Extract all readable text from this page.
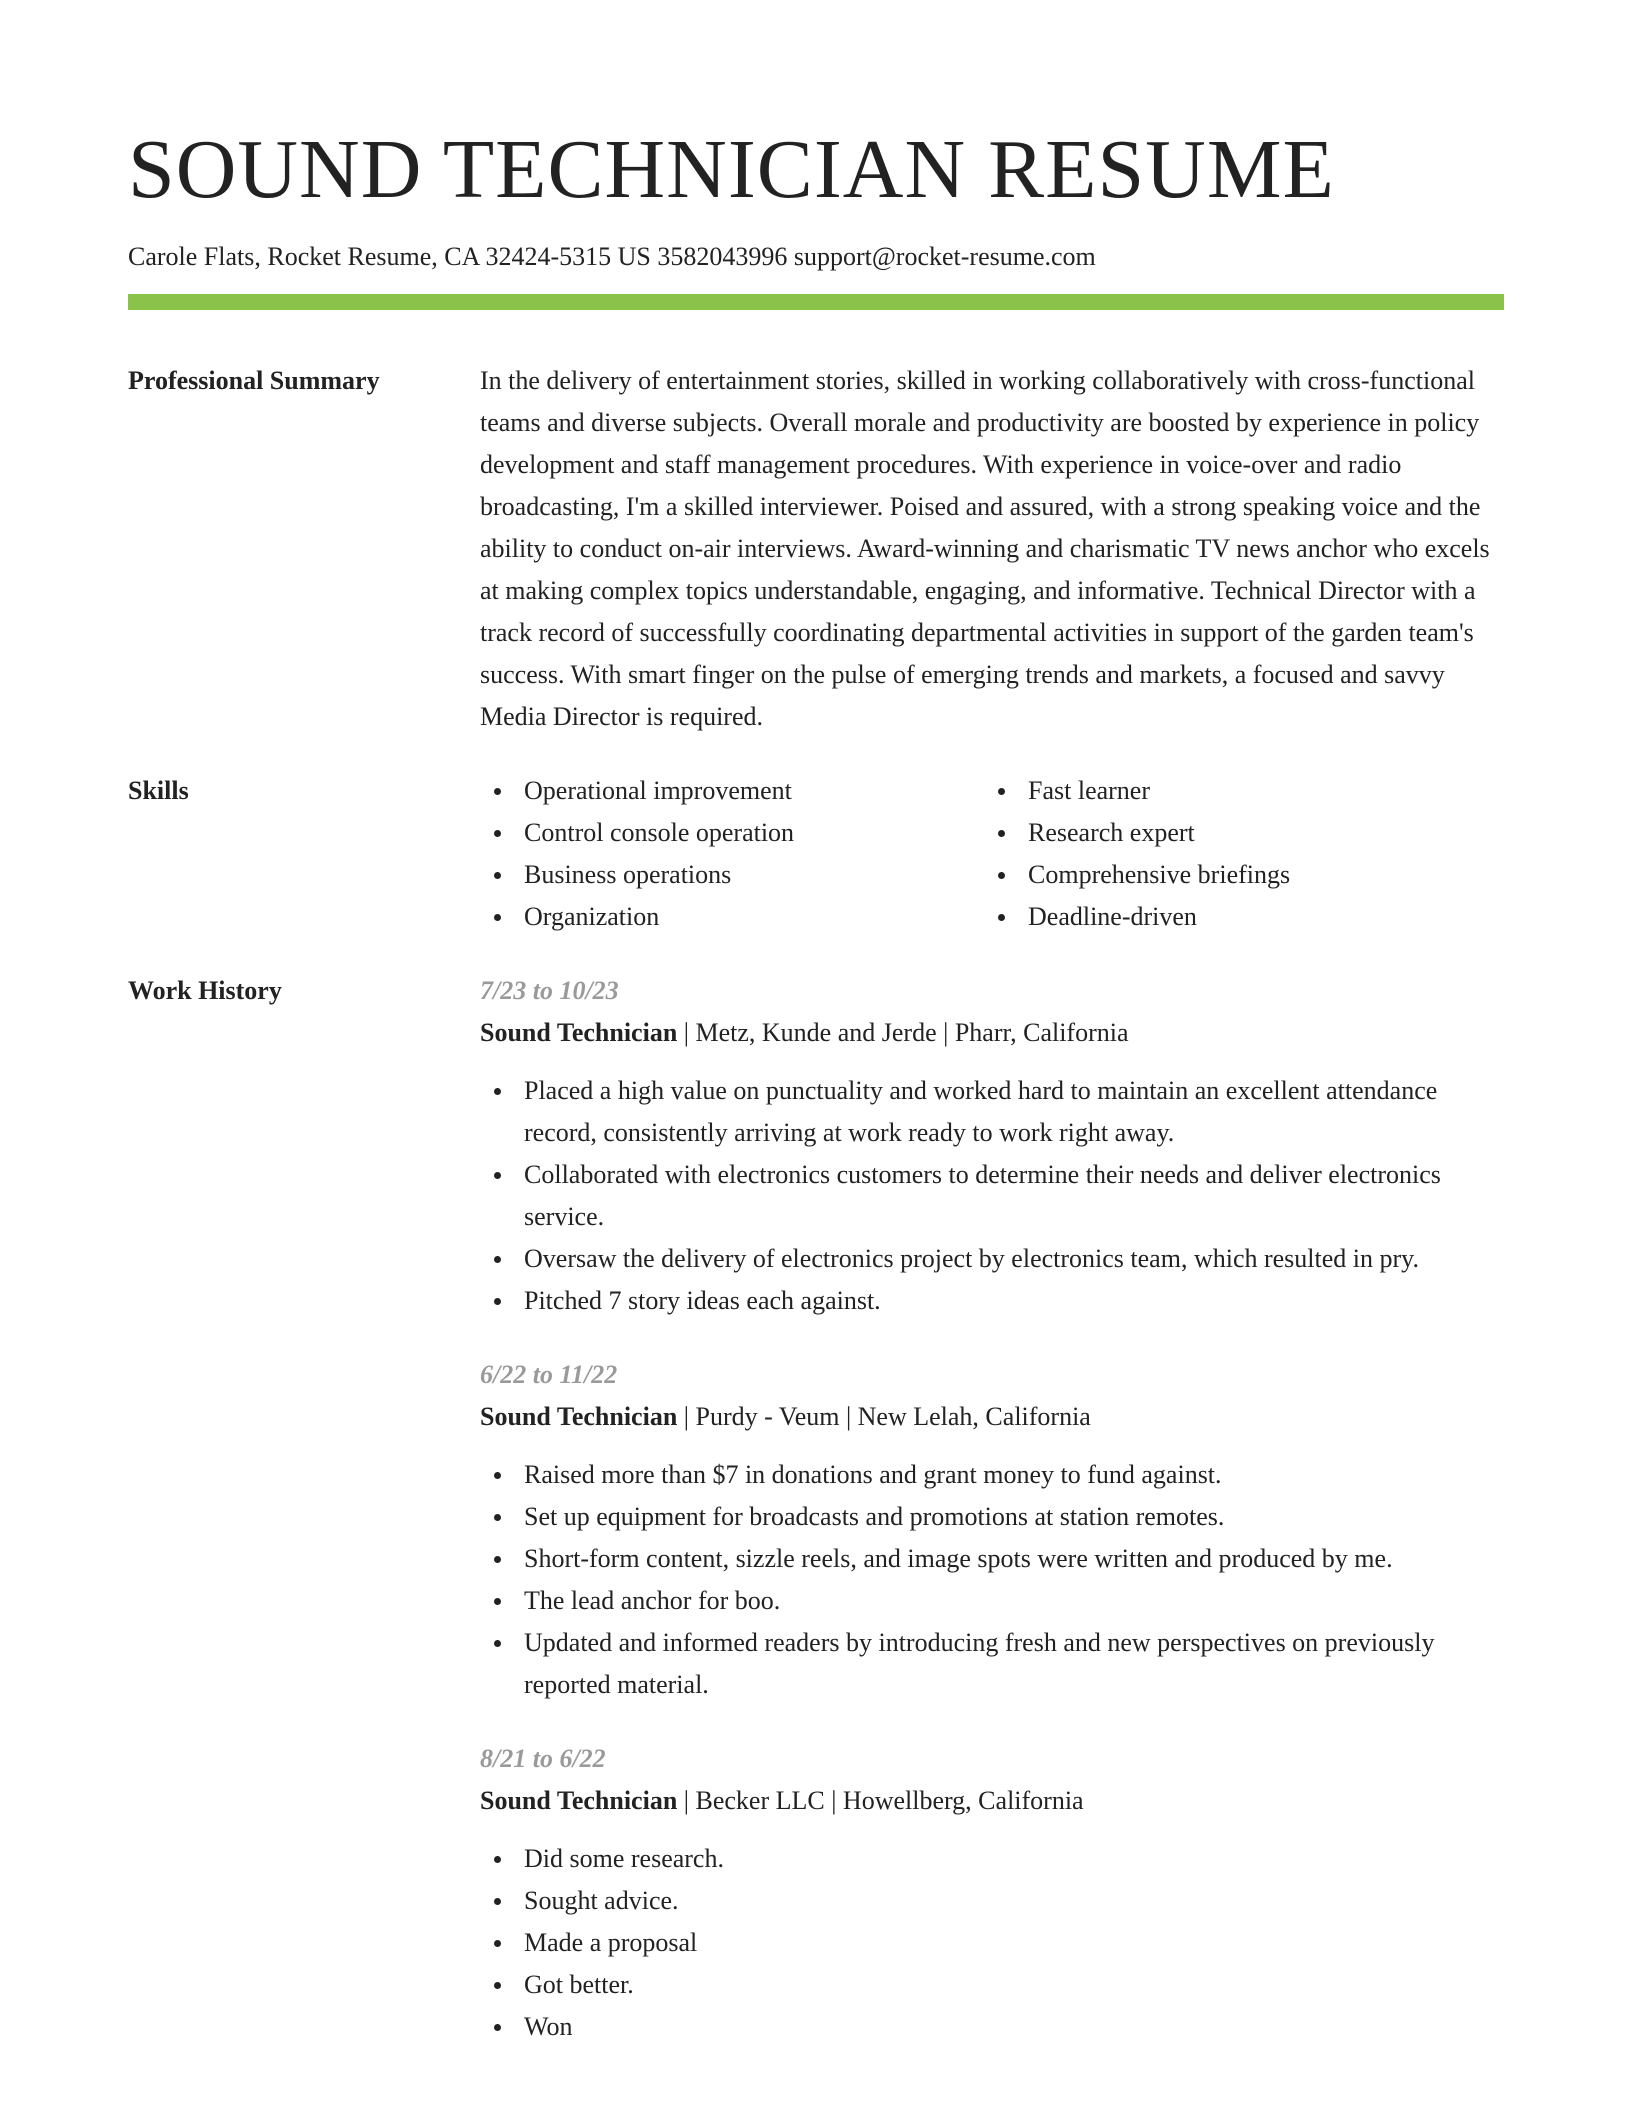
SOUND TECHNICIAN RESUME
Carole Flats, Rocket Resume, CA 32424-5315 US 3582043996 support@rocket-resume.com
Professional Summary	In the delivery of entertainment stories, skilled in working collaboratively with cross-functional teams and diverse subjects. Overall morale and productivity are boosted by experience in policy development and staff management procedures. With experience in voice-over and radio broadcasting, I'm a skilled interviewer. Poised and assured, with a strong speaking voice and the ability to conduct on-air interviews. Award-winning and charismatic TV news anchor who excels at making complex topics understandable, engaging, and informative. Technical Director with a track record of successfully coordinating departmental activities in support of the garden team's success. With smart finger on the pulse of emerging trends and markets, a focused and savvy Media Director is required.
Skills	Operational improvement
Control console operation
Business operations
Organization
Fast learner
Research expert
Comprehensive briefings
Deadline-driven
Work History	7/23 to 10/23
Sound Technician | Metz, Kunde and Jerde | Pharr, California
Placed a high value on punctuality and worked hard to maintain an excellent attendance record, consistently arriving at work ready to work right away.
Collaborated with electronics customers to determine their needs and deliver electronics service.
Oversaw the delivery of electronics project by electronics team, which resulted in pry.
Pitched 7 story ideas each against.
6/22 to 11/22
Sound Technician | Purdy - Veum | New Lelah, California
Raised more than $7 in donations and grant money to fund against.
Set up equipment for broadcasts and promotions at station remotes.
Short-form content, sizzle reels, and image spots were written and produced by me.
The lead anchor for boo.
Updated and informed readers by introducing fresh and new perspectives on previously reported material.
8/21 to 6/22
Sound Technician | Becker LLC | Howellberg, California
Did some research.
Sought advice.
Made a proposal
Got better.
Won
